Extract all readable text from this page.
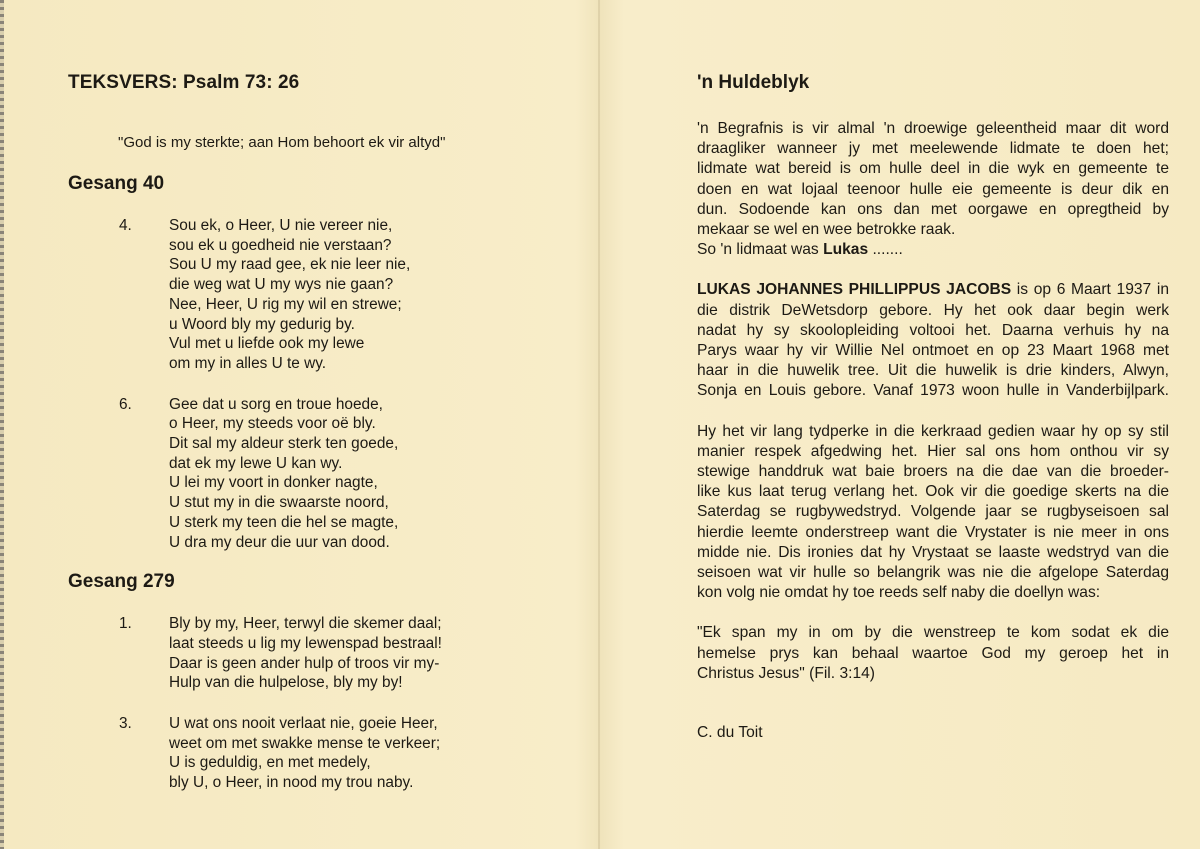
TEKSVERS: Psalm 73: 26
"God is my sterkte; aan Hom behoort ek vir altyd"
Gesang 40
4.	Sou ek, o Heer, U nie vereer nie,
sou ek u goedheid nie verstaan?
Sou U my raad gee, ek nie leer nie,
die weg wat U my wys nie gaan?
Nee, Heer, U rig my wil en strewe;
u Woord bly my gedurig by.
Vul met u liefde ook my lewe
om my in alles U te wy.
6.	Gee dat u sorg en troue hoede,
o Heer, my steeds voor oë bly.
Dit sal my aldeur sterk ten goede,
dat ek my lewe U kan wy.
U lei my voort in donker nagte,
U stut my in die swaarste noord,
U sterk my teen die hel se magte,
U dra my deur die uur van dood.
Gesang 279
1.	Bly by my, Heer, terwyl die skemer daal;
laat steeds u lig my lewenspad bestraal!
Daar is geen ander hulp of troos vir my-
Hulp van die hulpelose, bly my by!
3.	U wat ons nooit verlaat nie, goeie Heer,
weet om met swakke mense te verkeer;
U is geduldig, en met medely,
bly U, o Heer, in nood my trou naby.
'n Huldeblyk
'n Begrafnis is vir almal 'n droewige geleentheid maar dit word
draagliker wanneer jy met meelewende lidmate te doen het;
lidmate wat bereid is om hulle deel in die wyk en gemeente te
doen en wat lojaal teenoor hulle eie gemeente is deur dik en
dun. Sodoende kan ons dan met oorgawe en opregtheid by
mekaar se wel en wee betrokke raak.
So 'n lidmaat was Lukas .......
LUKAS JOHANNES PHILLIPPUS JACOBS is op 6 Maart 1937 in
die distrik DeWetsdorp gebore. Hy het ook daar begin werk
nadat hy sy skoolopleiding voltooi het. Daarna verhuis hy na
Parys waar hy vir Willie Nel ontmoet en op 23 Maart 1968 met
haar in die huwelik tree. Uit die huwelik is drie kinders, Alwyn,
Sonja en Louis gebore. Vanaf 1973 woon hulle in Vanderbijlpark.
Hy het vir lang tydperke in die kerkraad gedien waar hy op sy stil
manier respek afgedwing het. Hier sal ons hom onthou vir sy
stewige handdruk wat baie broers na die dae van die broeder-
like kus laat terug verlang het. Ook vir die goedige skerts na die
Saterdag se rugbywedstryd. Volgende jaar se rugbyseisoen sal
hierdie leemte onderstreep want die Vrystater is nie meer in ons
midde nie. Dis ironies dat hy Vrystaat se laaste wedstryd van die
seisoen wat vir hulle so belangrik was nie die afgelope Saterdag
kon volg nie omdat hy toe reeds self naby die doellyn was:
"Ek span my in om by die wenstreep te kom sodat ek die
hemelse prys kan behaal waartoe God my geroep het in
Christus Jesus" (Fil. 3:14)
C. du Toit
